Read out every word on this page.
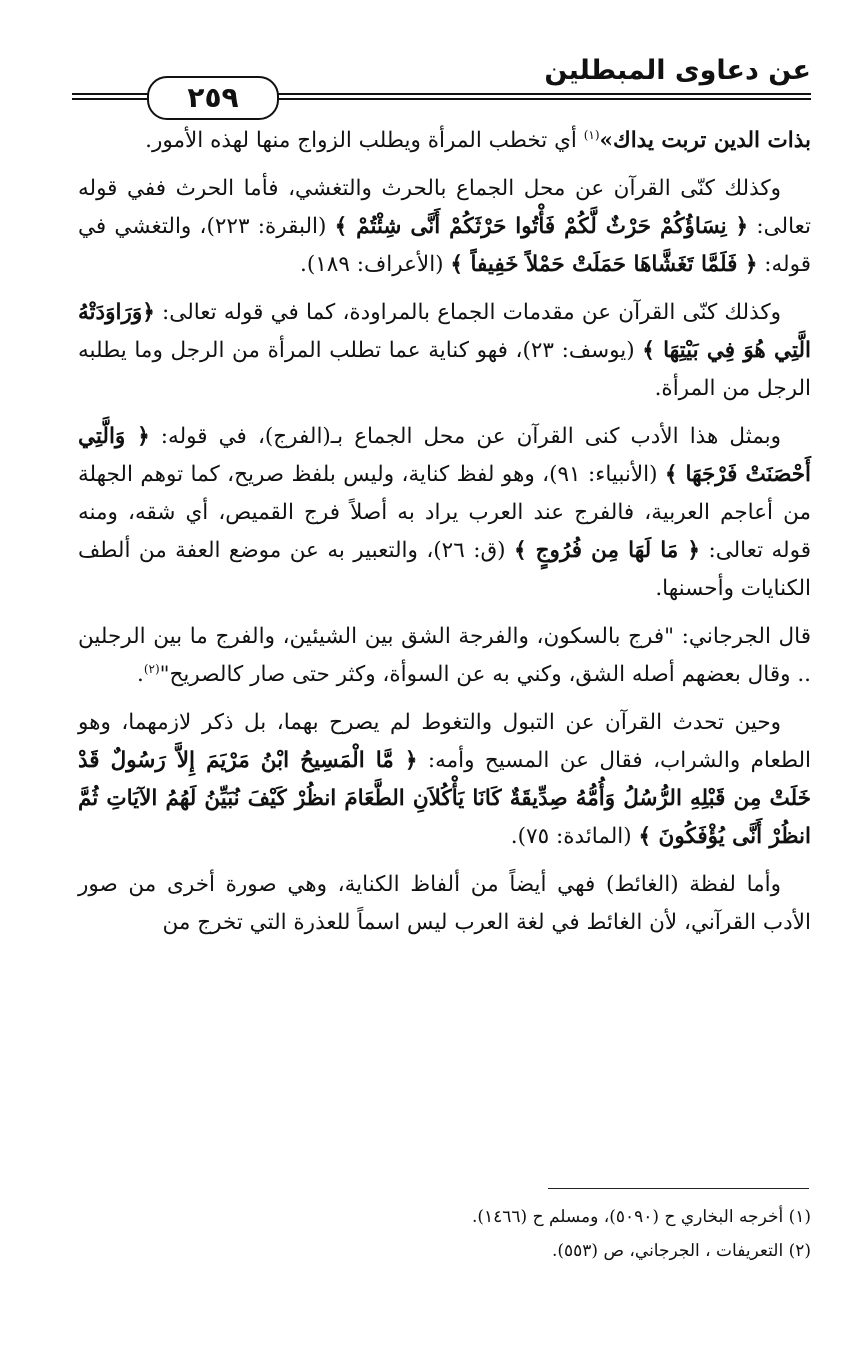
عن دعاوى المبطلين
٢٥٩

بذات الدين تربت يداك»$^{(١)}$ أي تخطب المرأة ويطلب الزواج منها لهذه الأمور.

وكذلك كنّى القرآن عن محل الجماع بالحرث والتغشي، فأما الحرث ففي قوله تعالى: ﴿ نِسَاؤُكُمْ حَرْثٌ لَّكُمْ فَأْتُوا حَرْثَكُمْ أَنَّى شِئْتُمْ ﴾ (البقرة: ٢٢٣)، والتغشي في قوله: ﴿ فَلَمَّا تَغَشَّاهَا حَمَلَتْ حَمْلاً خَفِيفاً ﴾ (الأعراف: ١٨٩).

وكذلك كنّى القرآن عن مقدمات الجماع بالمراودة، كما في قوله تعالى: ﴿وَرَاوَدَتْهُ الَّتِي هُوَ فِي بَيْتِهَا ﴾ (يوسف: ٢٣)، فهو كناية عما تطلب المرأة من الرجل وما يطلبه الرجل من المرأة.

وبمثل هذا الأدب كنى القرآن عن محل الجماع بـ(الفرج)، في قوله: ﴿ وَالَّتِي أَحْصَنَتْ فَرْجَهَا ﴾ (الأنبياء: ٩١)، وهو لفظ كناية، وليس بلفظ صريح، كما توهم الجهلة من أعاجم العربية، فالفرج عند العرب يراد به أصلاً فرج القميص، أي شقه، ومنه قوله تعالى: ﴿ مَا لَهَا مِن فُرُوجٍ ﴾ (ق: ٢٦)، والتعبير به عن موضع العفة من ألطف الكنايات وأحسنها.

قال الجرجاني: "فرج بالسكون، والفرجة الشق بين الشيئين، والفرج ما بين الرجلين .. وقال بعضهم أصله الشق، وكني به عن السوأة، وكثر حتى صار كالصريح"$^{(٢)}$.

وحين تحدث القرآن عن التبول والتغوط لم يصرح بهما، بل ذكر لازمهما، وهو الطعام والشراب، فقال عن المسيح وأمه: ﴿ مَّا الْمَسِيحُ ابْنُ مَرْيَمَ إِلاَّ رَسُولٌ قَدْ خَلَتْ مِن قَبْلِهِ الرُّسُلُ وَأُمُّهُ صِدِّيقَةٌ كَانَا يَأْكُلاَنِ الطَّعَامَ انظُرْ كَيْفَ نُبَيِّنُ لَهُمُ الآيَاتِ ثُمَّ انظُرْ أَنَّى يُؤْفَكُونَ ﴾ (المائدة: ٧٥).

وأما لفظة (الغائط) فهي أيضاً من ألفاظ الكناية، وهي صورة أخرى من صور الأدب القرآني، لأن الغائط في لغة العرب ليس اسماً للعذرة التي تخرج من

(١) أخرجه البخاري ح (٥٠٩٠)، ومسلم ح (١٤٦٦).
(٢) التعريفات ، الجرجاني، ص (٥٥٣).
